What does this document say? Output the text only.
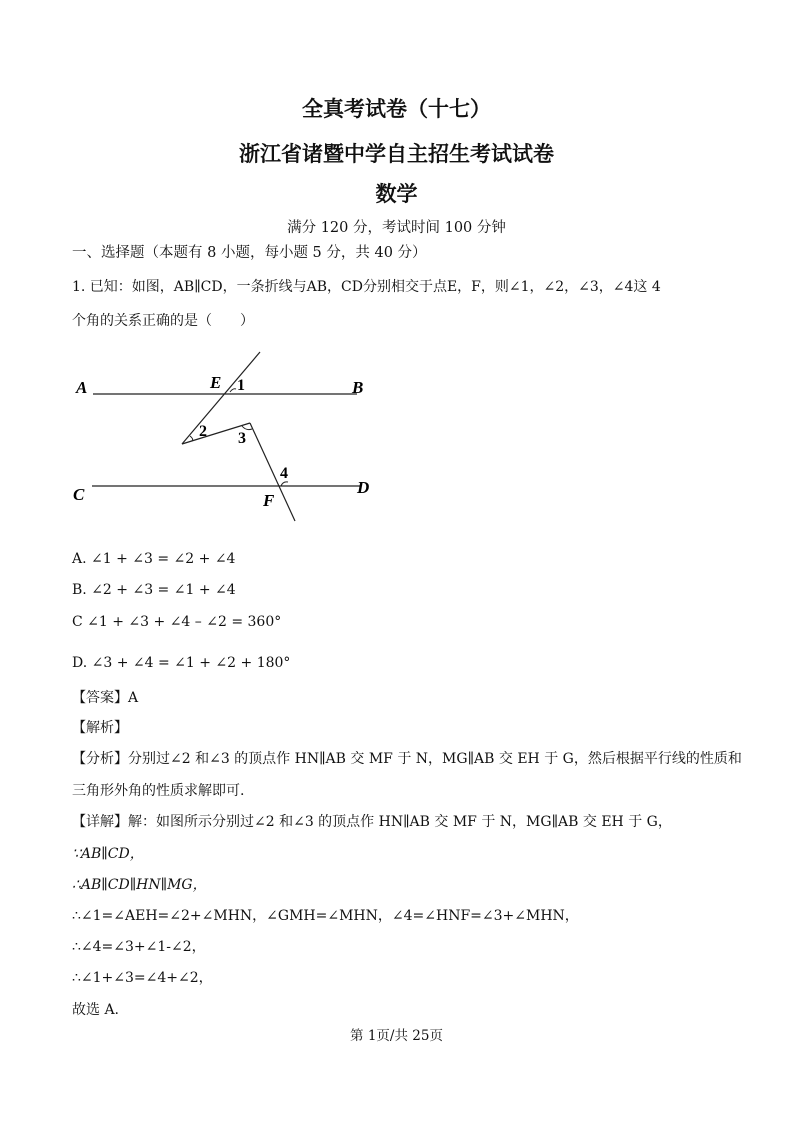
全真考试卷（十七）
浙江省诸暨中学自主招生考试试卷
数学
满分 120 分，考试时间 100 分钟
一、选择题（本题有 8 小题，每小题 5 分，共 40 分）
1. 已知：如图，AB∥CD，一条折线与AB，CD分别相交于点E，F，则∠1，∠2，∠3，∠4这 4
个角的关系正确的是（　　）
A	B
C	D
E
F
1
2 3
4
A. ∠1 + ∠3 = ∠2 + ∠4
B. ∠2 + ∠3 = ∠1 + ∠4
C ∠1 + ∠3 + ∠4 – ∠2 = 360°
D. ∠3 + ∠4 = ∠1 + ∠2 + 180°
【答案】A
【解析】
【分析】分别过∠2 和∠3 的顶点作 HN∥AB 交 MF 于 N，MG∥AB 交 EH 于 G，然后根据平行线的性质和
三角形外角的性质求解即可.
【详解】解：如图所示分别过∠2 和∠3 的顶点作 HN∥AB 交 MF 于 N，MG∥AB 交 EH 于 G，
∵AB∥CD，
∴AB∥CD∥HN∥MG，
∴∠1=∠AEH=∠2+∠MHN，∠GMH=∠MHN，∠4=∠HNF=∠3+∠MHN，
∴∠4=∠3+∠1-∠2，
∴∠1+∠3=∠4+∠2，
故选 A.
第 1页/共 25页
